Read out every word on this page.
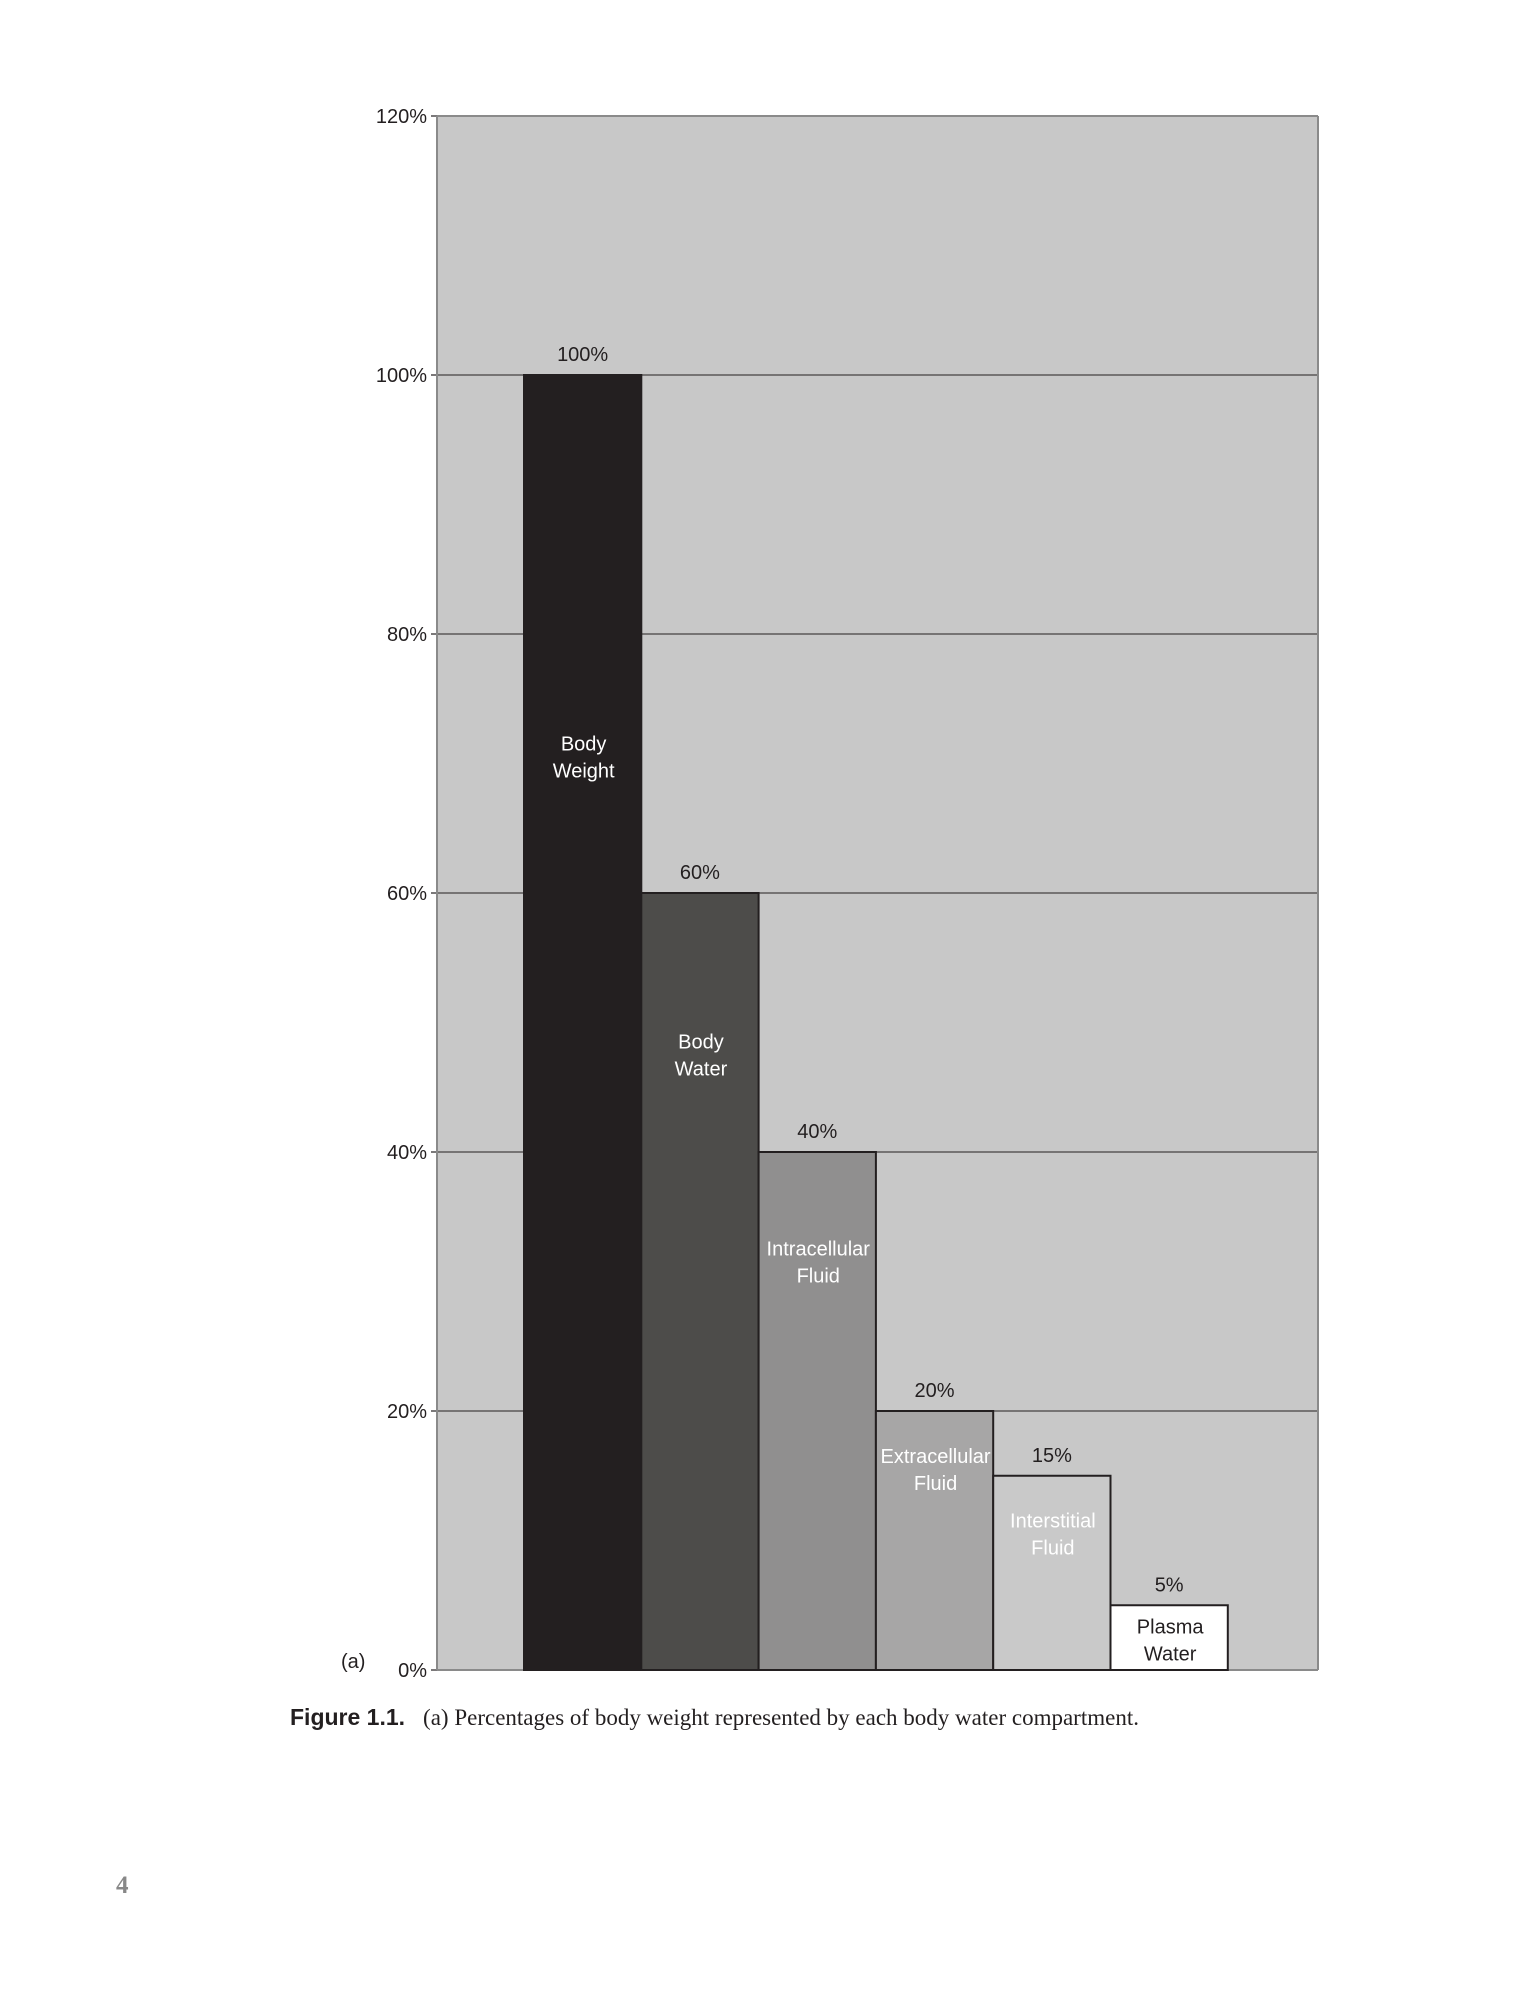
0%
20%
40%
60%
80%
100%
120%
100%
Body
Weight
60%
Body
Water
40%
Intracellular
Fluid
20%
Extracellular
Fluid
15%
Interstitial
Fluid
5%
Plasma
Water
(a)
Figure 1.1. (a) Percentages of body weight represented by each body water compartment.
4
